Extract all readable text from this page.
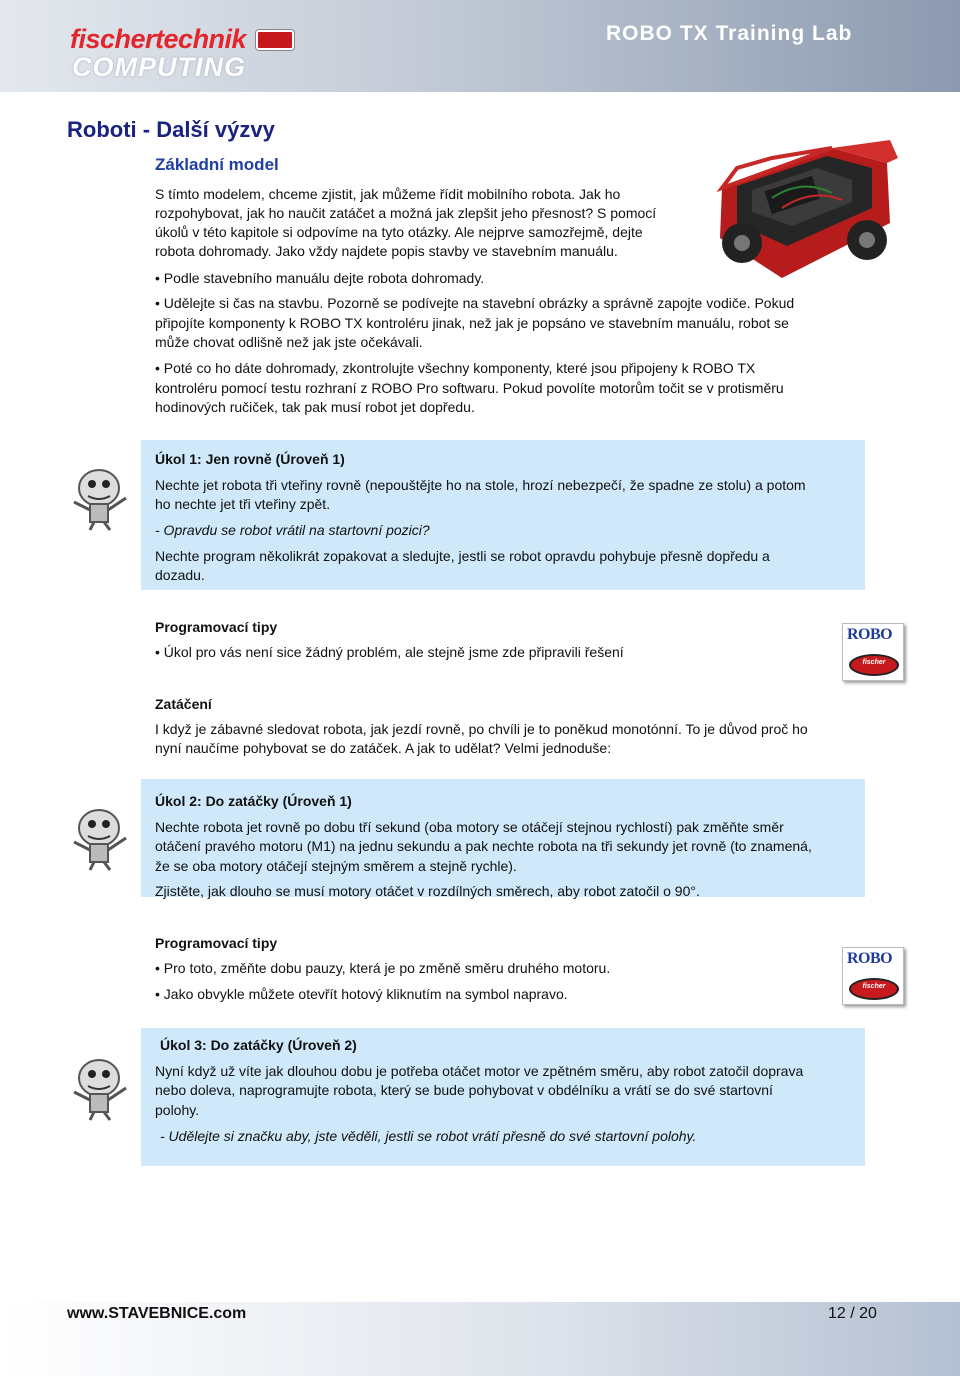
fischertechnik
COMPUTING
ROBO TX Training Lab
Roboti - Další výzvy
Základní model
S tímto modelem, chceme zjistit, jak můžeme řídit mobilního robota. Jak ho
rozpohybovat, jak ho naučit zatáčet a možná jak zlepšit jeho přesnost? S pomocí
úkolů v této kapitole si odpovíme na tyto otázky. Ale nejprve samozřejmě, dejte
robota dohromady. Jako vždy najdete popis stavby ve stavebním manuálu.
• Podle stavebního manuálu dejte robota dohromady.
• Udělejte si čas na stavbu. Pozorně se podívejte na stavební obrázky a správně zapojte vodiče. Pokud
připojíte komponenty k ROBO TX kontroléru jinak, než jak je popsáno ve stavebním manuálu, robot se
může chovat odlišně než jak jste očekávali.
• Poté co ho dáte dohromady, zkontrolujte všechny komponenty, které jsou připojeny k ROBO TX
kontroléru pomocí testu rozhraní z ROBO Pro softwaru. Pokud povolíte motorům točit se v protisměru
hodinových ručiček, tak pak musí robot jet dopředu.
Úkol 1: Jen rovně (Úroveň 1)
Nechte jet robota tři vteřiny rovně (nepouštějte ho na stole, hrozí nebezpečí, že spadne ze stolu) a potom
ho nechte jet tři vteřiny zpět.
- Opravdu se robot vrátil na startovní pozici?
Nechte program několikrát zopakovat a sledujte, jestli se robot opravdu pohybuje přesně dopředu a
dozadu.
Programovací tipy
• Úkol pro vás není sice žádný problém, ale stejně jsme zde připravili řešení
ROBO
fischer
Zatáčení
I když je zábavné sledovat robota, jak jezdí rovně, po chvíli je to poněkud monotónní. To je důvod proč ho
nyní naučíme pohybovat se do zatáček. A jak to udělat? Velmi jednoduše:
Úkol 2: Do zatáčky (Úroveň 1)
Nechte robota jet rovně po dobu tří sekund (oba motory se otáčejí stejnou rychlostí) pak změňte směr
otáčení pravého motoru (M1) na jednu sekundu a pak nechte robota na tři sekundy jet rovně (to znamená,
že se oba motory otáčejí stejným směrem a stejně rychle).
Zjistěte, jak dlouho se musí motory otáčet v rozdílných směrech, aby robot zatočil o 90°.
Programovací tipy
• Pro toto, změňte dobu pauzy, která je po změně směru druhého motoru.
• Jako obvykle můžete otevřít hotový kliknutím na symbol napravo.
ROBO
fischer
Úkol 3: Do zatáčky (Úroveň 2)
Nyní když už víte jak dlouhou dobu je potřeba otáčet motor ve zpětném směru, aby robot zatočil doprava
nebo doleva, naprogramujte robota, který se bude pohybovat v obdélníku a vrátí se do své startovní
polohy.
- Udělejte si značku aby, jste věděli, jestli se robot vrátí přesně do své startovní polohy.
www.STAVEBNICE.com	12 / 20
